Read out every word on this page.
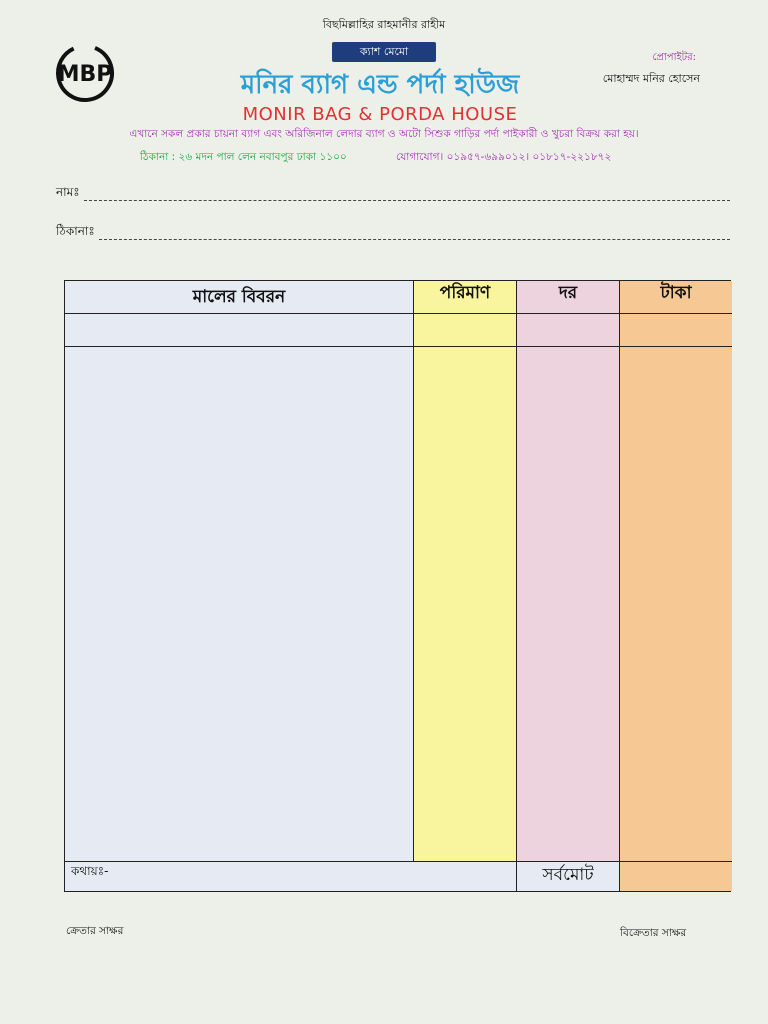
বিছমিল্লাহির রাহমানীর রাহীম
MBP
ক্যাশ মেমো
মনির ব্যাগ এন্ড পর্দা হাউজ
MONIR BAG & PORDA HOUSE
প্রোপাইটর:
মোহাম্মদ মনির হোসেন
এখানে সকল প্রকার চায়না ব্যাগ এবং অরিজিনাল লেদার ব্যাগ ও অটো সিশুক গাড়ির পর্দা পাইকারী ও খুচরা বিক্রয় করা হয়।
ঠিকানা : ২৬ মদন পাল লেন নবাবপুর ঢাকা ১১০০	যোগাযোগ। ০১৯৫৭-৬৯৯০১২। ০১৮১৭-২২১৮৭২
নামঃ
ঠিকানাঃ
মালের বিবরন	পরিমাণ	দর	টাকা
কথায়ঃ-	সর্বমোট
ক্রেতার সাক্ষর	বিক্রেতার সাক্ষর
